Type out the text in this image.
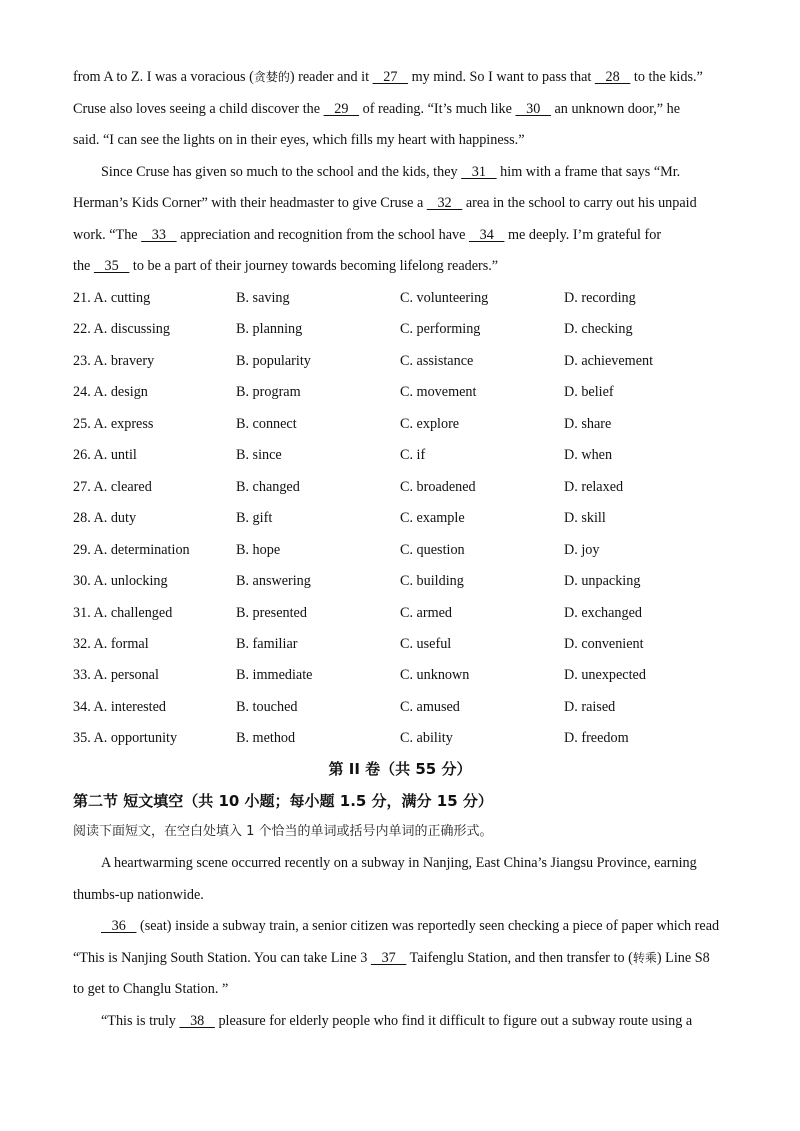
from A to Z. I was a voracious (贪婪的) reader and it    27    my mind. So I want to pass that    28    to the kids.”
Cruse also loves seeing a child discover the    29    of reading. “It’s much like    30    an unknown door,” he
said. “I can see the lights on in their eyes, which fills my heart with happiness.”
Since Cruse has given so much to the school and the kids, they    31    him with a frame that says “Mr.
Herman’s Kids Corner” with their headmaster to give Cruse a    32    area in the school to carry out his unpaid
work. “The    33    appreciation and recognition from the school have    34    me deeply. I’m grateful for
the    35    to be a part of their journey towards becoming lifelong readers.”
21. A. cutting	B. saving	C. volunteering	D. recording
22. A. discussing	B. planning	C. performing	D. checking
23. A. bravery	B. popularity	C. assistance	D. achievement
24. A. design	B. program	C. movement	D. belief
25. A. express	B. connect	C. explore	D. share
26. A. until	B. since	C. if	D. when
27. A. cleared	B. changed	C. broadened	D. relaxed
28. A. duty	B. gift	C. example	D. skill
29. A. determination	B. hope	C. question	D. joy
30. A. unlocking	B. answering	C. building	D. unpacking
31. A. challenged	B. presented	C. armed	D. exchanged
32. A. formal	B. familiar	C. useful	D. convenient
33. A. personal	B. immediate	C. unknown	D. unexpected
34. A. interested	B. touched	C. amused	D. raised
35. A. opportunity	B. method	C. ability	D. freedom
第 II 卷（共 55 分）
第二节 短文填空（共 10 小题；每小题 1.5 分，满分 15 分）
阅读下面短文，在空白处填入 1 个恰当的单词或括号内单词的正确形式。
A heartwarming scene occurred recently on a subway in Nanjing, East China’s Jiangsu Province, earning
thumbs-up nationwide.
36    (seat) inside a subway train, a senior citizen was reportedly seen checking a piece of paper which read
“This is Nanjing South Station. You can take Line 3    37    Taifenglu Station, and then transfer to (转乘) Line S8
to get to Changlu Station. ”
“This is truly    38    pleasure for elderly people who find it difficult to figure out a subway route using a
